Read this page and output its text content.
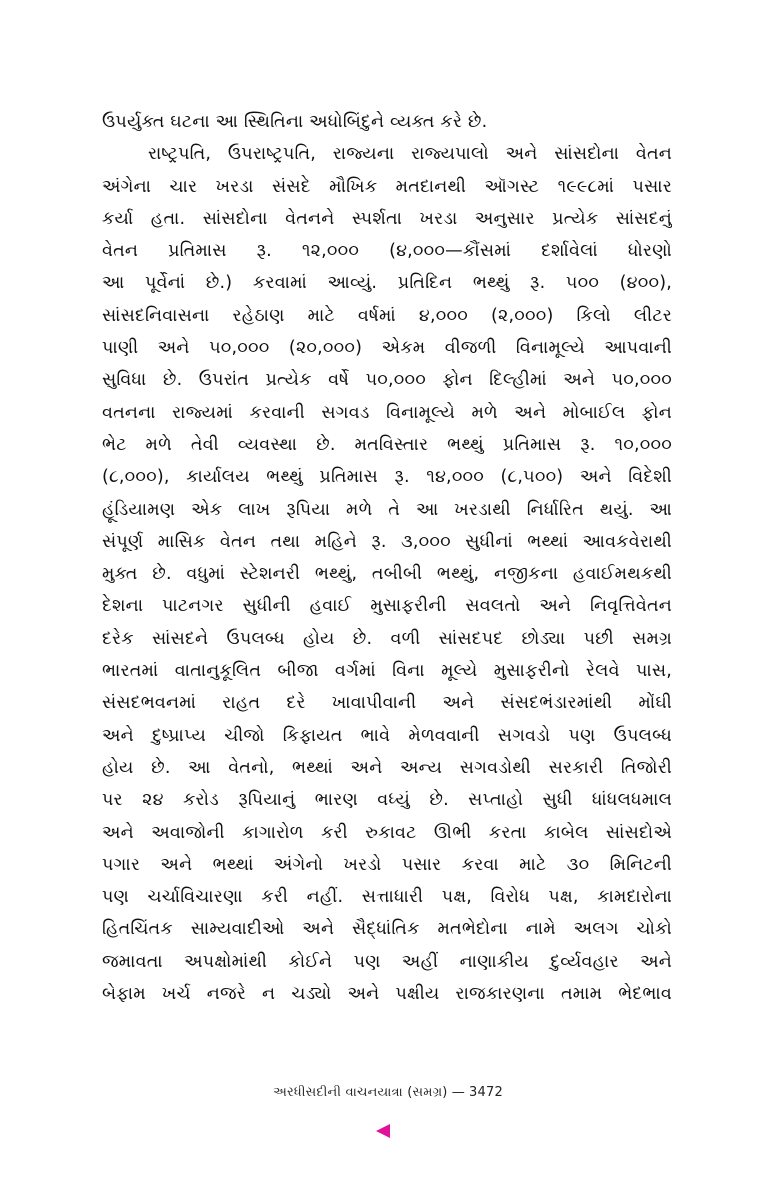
ઉપર્યુક્ત ઘટના આ સ્થિતિના અધોબિંદુને વ્યક્ત કરે છે.
રાષ્ટ્રપતિ, ઉપરાષ્ટ્રપતિ, રાજ્યના રાજ્યપાલો અને સાંસદોના વેતન
અંગેના ચાર ખરડા સંસદે મૌખિક મતદાનથી ઑગસ્ટ ૧૯૯૮માં પસાર
કર્યા હતા. સાંસદોના વેતનને સ્પર્શતા ખરડા અનુસાર પ્રત્યેક સાંસદનું
વેતન પ્રતિમાસ રૂ. ૧૨,૦૦૦ (૪,૦૦૦—કૌંસમાં દર્શાવેલાં ધોરણો
આ પૂર્વેનાં છે.) કરવામાં આવ્યું. પ્રતિદિન ભથ્થું રૂ. ૫૦૦ (૪૦૦),
સાંસદનિવાસના રહેઠાણ માટે વર્ષમાં ૪,૦૦૦ (૨,૦૦૦) કિલો લીટર
પાણી અને ૫૦,૦૦૦ (૨૦,૦૦૦) એકમ વીજળી વિનામૂલ્યે આપવાની
સુવિધા છે. ઉપરાંત પ્રત્યેક વર્ષે ૫૦,૦૦૦ ફોન દિલ્હીમાં અને ૫૦,૦૦૦
વતનના રાજ્યમાં કરવાની સગવડ વિનામૂલ્યે મળે અને મોબાઈલ ફોન
ભેટ મળે તેવી વ્યવસ્થા છે. મતવિસ્તાર ભથ્થું પ્રતિમાસ રૂ. ૧૦,૦૦૦
(૮,૦૦૦), કાર્યાલય ભથ્થું પ્રતિમાસ રૂ. ૧૪,૦૦૦ (૮,૫૦૦) અને વિદેશી
હૂંડિયામણ એક લાખ રૂપિયા મળે તે આ ખરડાથી નિર્ધારિત થયું. આ
સંપૂર્ણ માસિક વેતન તથા મહિને રૂ. ૩,૦૦૦ સુધીનાં ભથ્થાં આવકવેરાથી
મુક્ત છે. વધુમાં સ્ટેશનરી ભથ્થું, તબીબી ભથ્થું, નજીકના હવાઈમથકથી
દેશના પાટનગર સુધીની હવાઈ મુસાફરીની સવલતો અને નિવૃત્તિવેતન
દરેક સાંસદને ઉપલબ્ધ હોય છે. વળી સાંસદપદ છોડ્યા પછી સમગ્ર
ભારતમાં વાતાનુકૂલિત બીજા વર્ગમાં વિના મૂલ્યે મુસાફરીનો રેલવે પાસ,
સંસદભવનમાં રાહત દરે ખાવાપીવાની અને સંસદભંડારમાંથી મોંઘી
અને દુષ્પ્રાપ્ય ચીજો કિફાયત ભાવે મેળવવાની સગવડો પણ ઉપલબ્ધ
હોય છે. આ વેતનો, ભથ્થાં અને અન્ય સગવડોથી સરકારી તિજોરી
પર ૨૪ કરોડ રૂપિયાનું ભારણ વધ્યું છે. સપ્તાહો સુધી ધાંધલધમાલ
અને અવાજોની કાગારોળ કરી રુકાવટ ઊભી કરતા કાબેલ સાંસદોએ
પગાર અને ભથ્થાં અંગેનો ખરડો પસાર કરવા માટે ૩૦ મિનિટની
પણ ચર્ચાવિચારણા કરી નહીં. સત્તાધારી પક્ષ, વિરોધ પક્ષ, કામદારોના
હિતચિંતક સામ્યવાદીઓ અને સૈદ્ધાંતિક મતભેદોના નામે અલગ ચોકો
જમાવતા અપક્ષોમાંથી કોઈને પણ અહીં નાણાકીય દુર્વ્યવહાર અને
બેફામ ખર્ચ નજરે ન ચડ્યો અને પક્ષીય રાજકારણના તમામ ભેદભાવ
અરધીસદીની વાચનયાત્રા (સમગ્ર) — 3472
